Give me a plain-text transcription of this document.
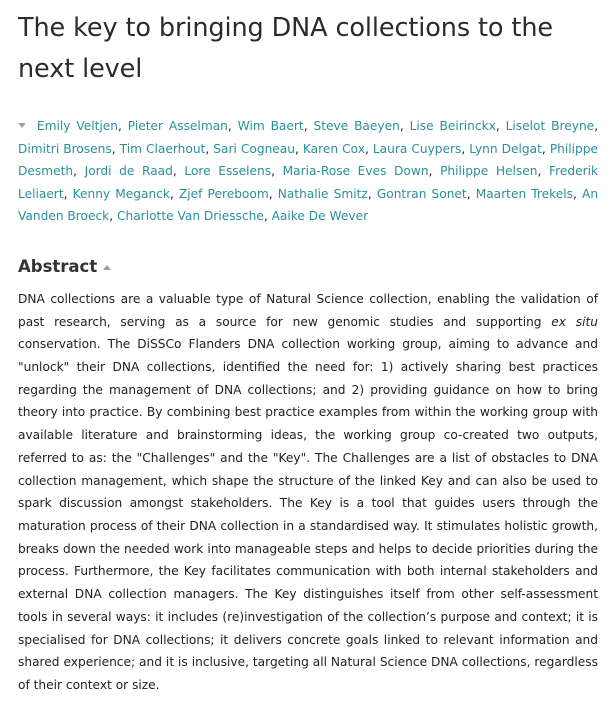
The key to bringing DNA collections to the next level
Emily Veltjen, Pieter Asselman, Wim Baert, Steve Baeyen, Lise Beirinckx, Liselot Breyne, Dimitri Brosens, Tim Claerhout, Sari Cogneau, Karen Cox, Laura Cuypers, Lynn Delgat, Philippe Desmeth, Jordi de Raad, Lore Esselens, Maria-Rose Eves Down, Philippe Helsen, Frederik Leliaert, Kenny Meganck, Zjef Pereboom, Nathalie Smitz, Gontran Sonet, Maarten Trekels, An Vanden Broeck, Charlotte Van Driessche, Aaike De Wever
Abstract

DNA collections are a valuable type of Natural Science collection, enabling the validation of past research, serving as a source for new genomic studies and supporting ex situ conservation. The DiSSCo Flanders DNA collection working group, aiming to advance and "unlock" their DNA collections, identified the need for: 1) actively sharing best practices regarding the management of DNA collections; and 2) providing guidance on how to bring theory into practice. By combining best practice examples from within the working group with available literature and brainstorming ideas, the working group co-created two outputs, referred to as: the "Challenges" and the "Key". The Challenges are a list of obstacles to DNA collection management, which shape the structure of the linked Key and can also be used to spark discussion amongst stakeholders. The Key is a tool that guides users through the maturation process of their DNA collection in a standardised way. It stimulates holistic growth, breaks down the needed work into manageable steps and helps to decide priorities during the process. Furthermore, the Key facilitates communication with both internal stakeholders and external DNA collection managers. The Key distinguishes itself from other self-assessment tools in several ways: it includes (re)investigation of the collection’s purpose and context; it is specialised for DNA collections; it delivers concrete goals linked to relevant information and shared experience; and it is inclusive, targeting all Natural Science DNA collections, regardless of their context or size.
